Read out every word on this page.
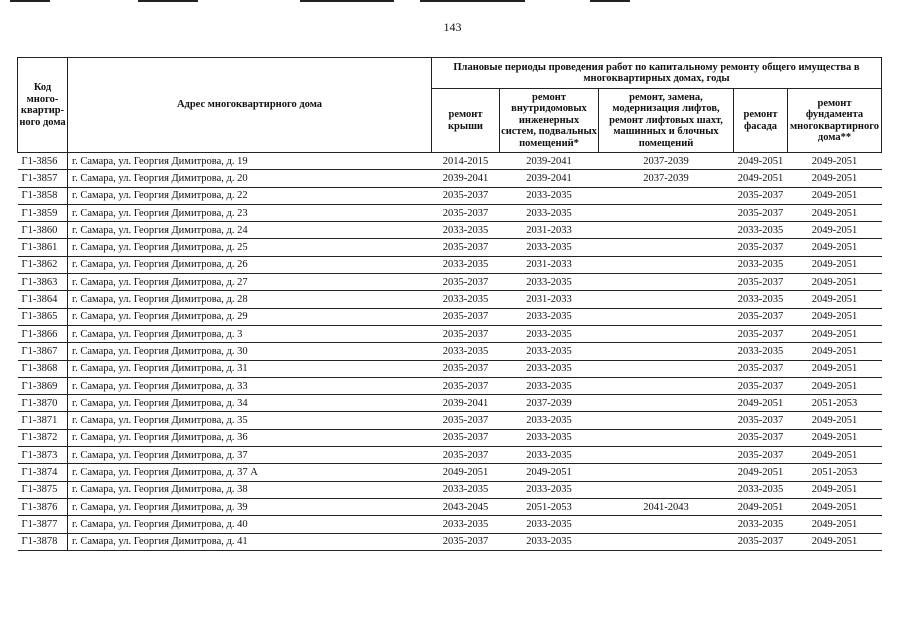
143
Код много-квартир-ного дома	Адрес многоквартирного дома	Плановые периоды проведения работ по капитальному ремонту общего имущества в многоквартирных домах, годы				
		ремонт крыши	ремонт внутридомовых инженерных систем, подвальных помещений*	ремонт, замена, модернизация лифтов, ремонт лифтовых шахт, машинных и блочных помещений	ремонт фасада	ремонт фундамента многоквартирного дома**
Г1-3856	г. Самара, ул. Георгия Димитрова, д. 19	2014-2015	2039-2041	2037-2039	2049-2051	2049-2051
Г1-3857	г. Самара, ул. Георгия Димитрова, д. 20	2039-2041	2039-2041	2037-2039	2049-2051	2049-2051
Г1-3858	г. Самара, ул. Георгия Димитрова, д. 22	2035-2037	2033-2035		2035-2037	2049-2051
Г1-3859	г. Самара, ул. Георгия Димитрова, д. 23	2035-2037	2033-2035		2035-2037	2049-2051
Г1-3860	г. Самара, ул. Георгия Димитрова, д. 24	2033-2035	2031-2033		2033-2035	2049-2051
Г1-3861	г. Самара, ул. Георгия Димитрова, д. 25	2035-2037	2033-2035		2035-2037	2049-2051
Г1-3862	г. Самара, ул. Георгия Димитрова, д. 26	2033-2035	2031-2033		2033-2035	2049-2051
Г1-3863	г. Самара, ул. Георгия Димитрова, д. 27	2035-2037	2033-2035		2035-2037	2049-2051
Г1-3864	г. Самара, ул. Георгия Димитрова, д. 28	2033-2035	2031-2033		2033-2035	2049-2051
Г1-3865	г. Самара, ул. Георгия Димитрова, д. 29	2035-2037	2033-2035		2035-2037	2049-2051
Г1-3866	г. Самара, ул. Георгия Димитрова, д. 3	2035-2037	2033-2035		2035-2037	2049-2051
Г1-3867	г. Самара, ул. Георгия Димитрова, д. 30	2033-2035	2033-2035		2033-2035	2049-2051
Г1-3868	г. Самара, ул. Георгия Димитрова, д. 31	2035-2037	2033-2035		2035-2037	2049-2051
Г1-3869	г. Самара, ул. Георгия Димитрова, д. 33	2035-2037	2033-2035		2035-2037	2049-2051
Г1-3870	г. Самара, ул. Георгия Димитрова, д. 34	2039-2041	2037-2039		2049-2051	2051-2053
Г1-3871	г. Самара, ул. Георгия Димитрова, д. 35	2035-2037	2033-2035		2035-2037	2049-2051
Г1-3872	г. Самара, ул. Георгия Димитрова, д. 36	2035-2037	2033-2035		2035-2037	2049-2051
Г1-3873	г. Самара, ул. Георгия Димитрова, д. 37	2035-2037	2033-2035		2035-2037	2049-2051
Г1-3874	г. Самара, ул. Георгия Димитрова, д. 37 А	2049-2051	2049-2051		2049-2051	2051-2053
Г1-3875	г. Самара, ул. Георгия Димитрова, д. 38	2033-2035	2033-2035		2033-2035	2049-2051
Г1-3876	г. Самара, ул. Георгия Димитрова, д. 39	2043-2045	2051-2053	2041-2043	2049-2051	2049-2051
Г1-3877	г. Самара, ул. Георгия Димитрова, д. 40	2033-2035	2033-2035		2033-2035	2049-2051
Г1-3878	г. Самара, ул. Георгия Димитрова, д. 41	2035-2037	2033-2035		2035-2037	2049-2051
